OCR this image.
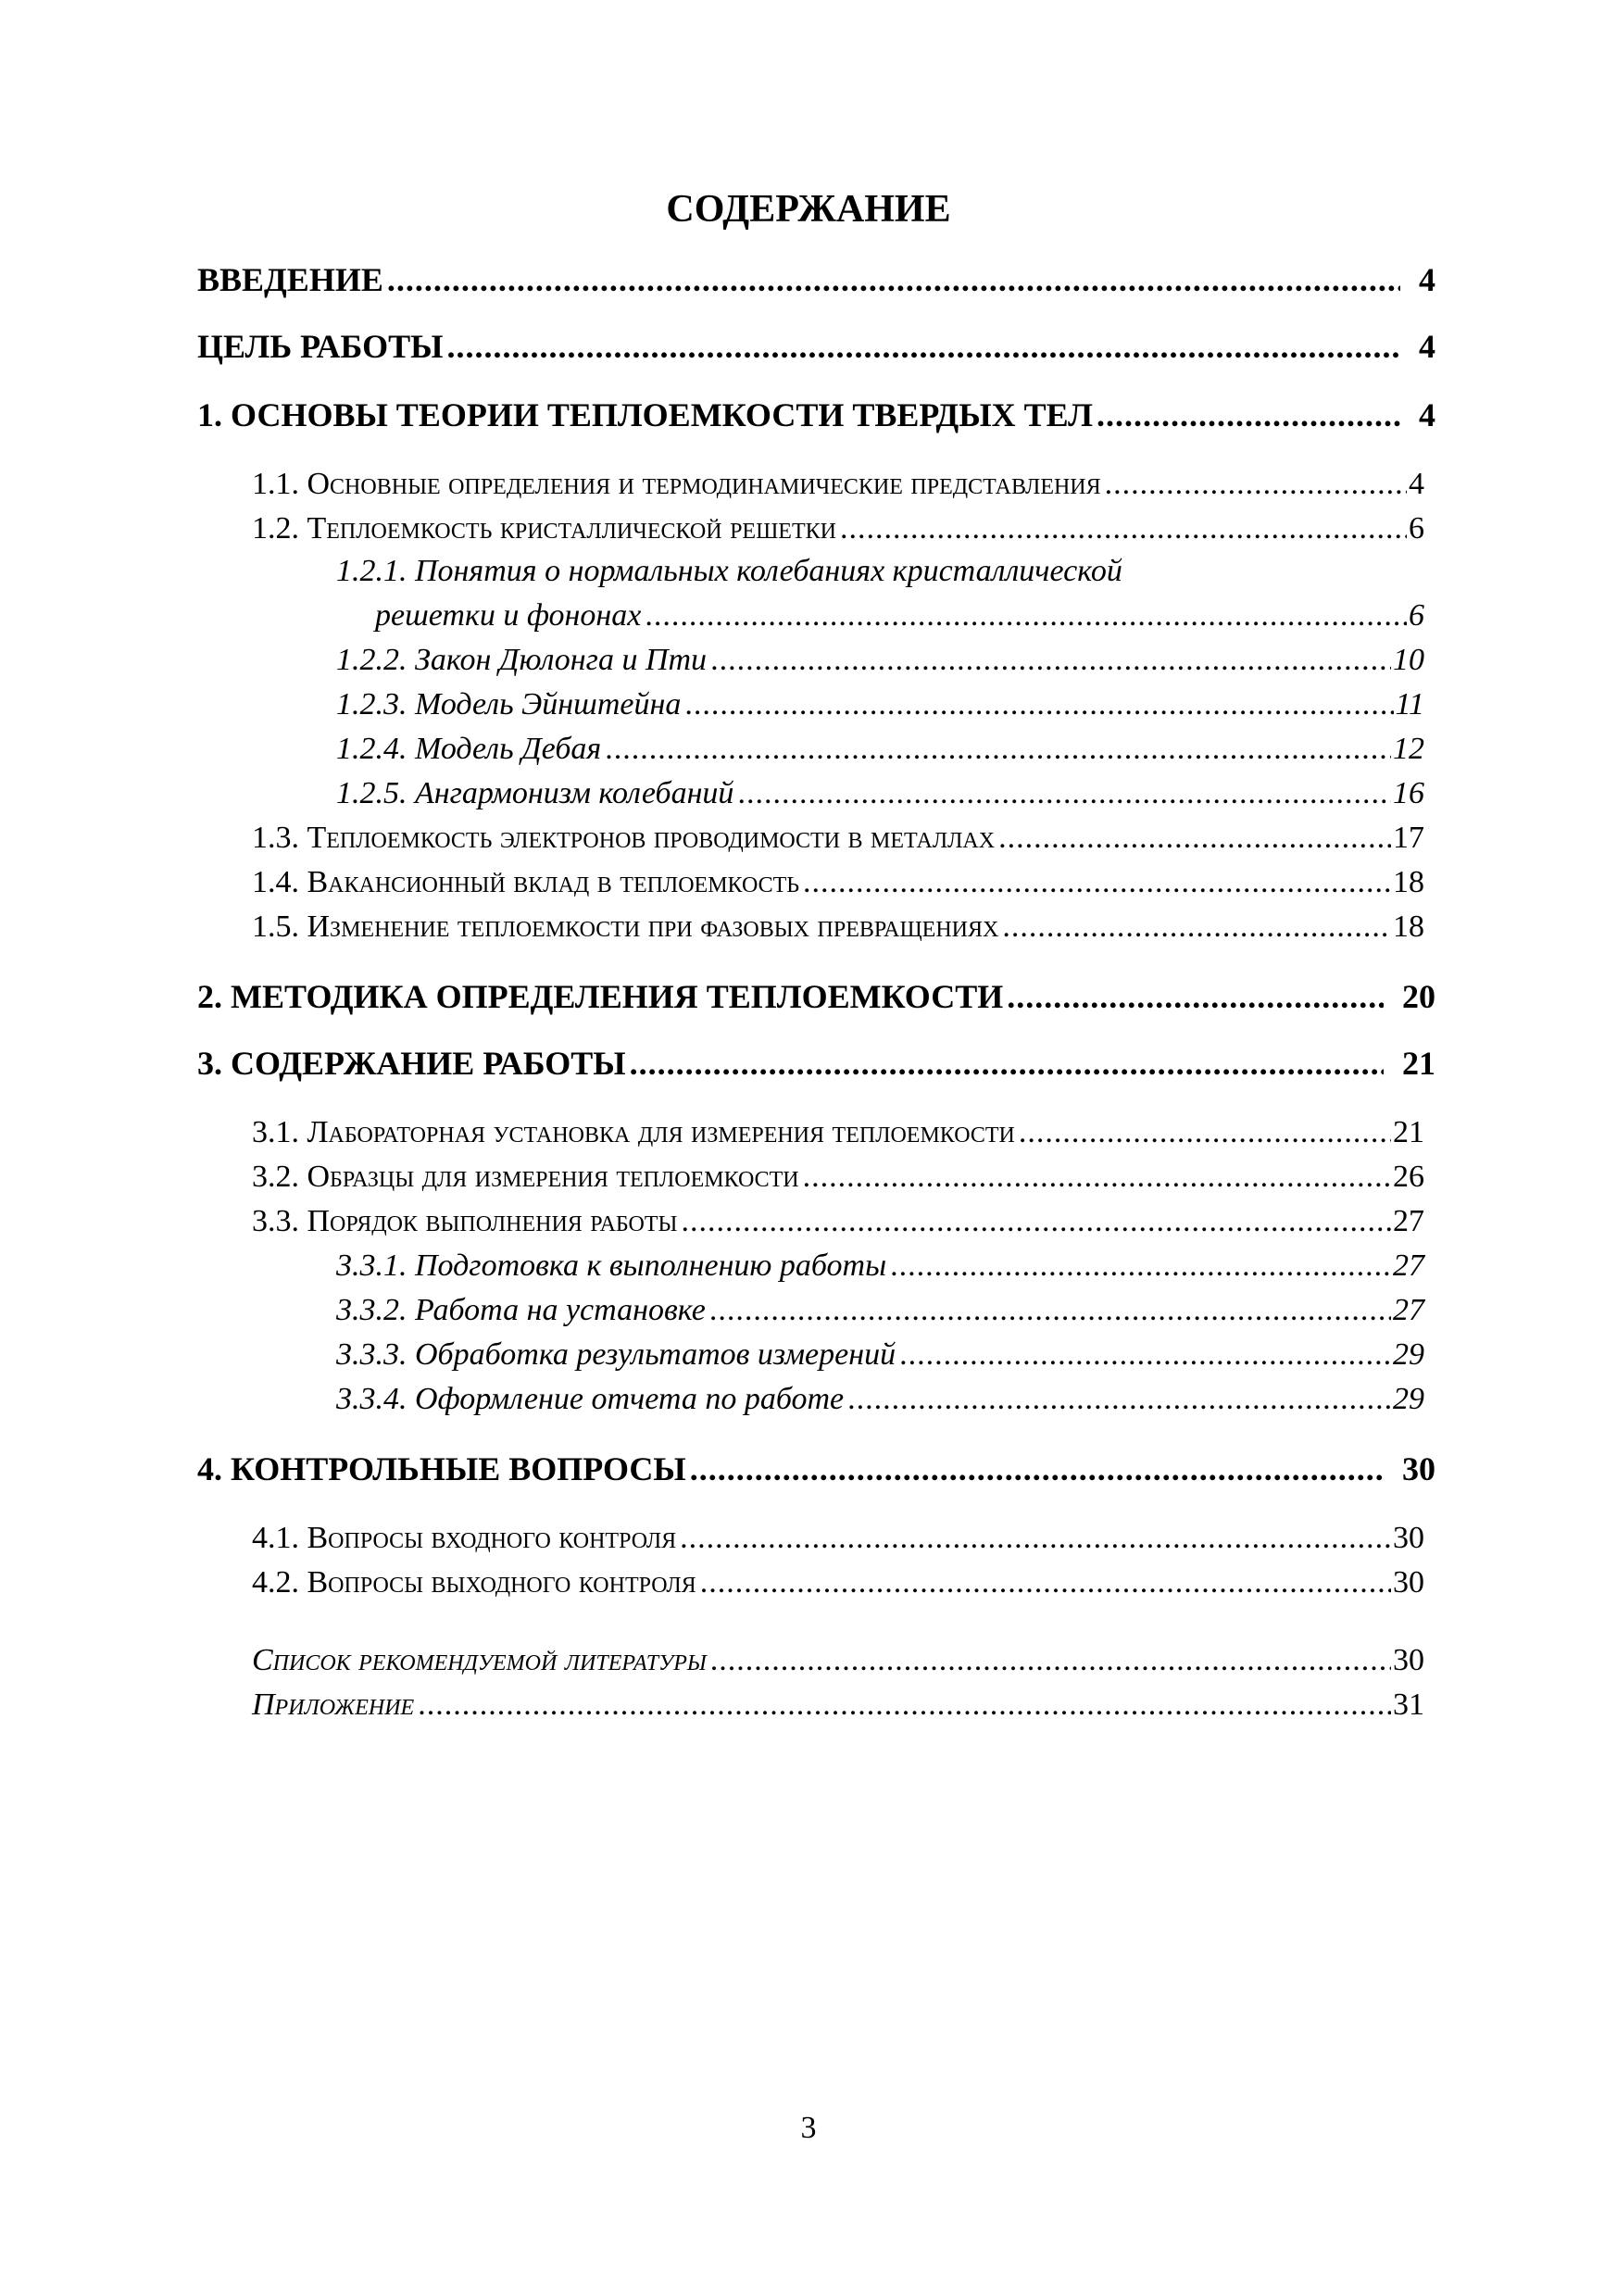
СОДЕРЖАНИЕ
ВВЕДЕНИЕ .....	4
ЦЕЛЬ РАБОТЫ .....	4
1. ОСНОВЫ ТЕОРИИ ТЕПЛОЕМКОСТИ ТВЕРДЫХ ТЕЛ .....	4
1.1. Основные определения и термодинамические представления .....	4
1.2. Теплоемкость кристаллической решетки .....	6
1.2.1. Понятия о нормальных колебаниях кристаллической
решетки и фононах .....	6
1.2.2. Закон Дюлонга и Пти .....	10
1.2.3. Модель Эйнштейна .....	11
1.2.4. Модель Дебая .....	12
1.2.5. Ангармонизм колебаний .....	16
1.3. Теплоемкость электронов проводимости в металлах .....	17
1.4. Вакансионный вклад в теплоемкость .....	18
1.5. Изменение теплоемкости при фазовых превращениях .....	18
2. МЕТОДИКА ОПРЕДЕЛЕНИЯ ТЕПЛОЕМКОСТИ .....	20
3. СОДЕРЖАНИЕ РАБОТЫ .....	21
3.1. Лабораторная установка для измерения теплоемкости .....	21
3.2. Образцы для измерения теплоемкости .....	26
3.3. Порядок выполнения работы .....	27
3.3.1. Подготовка к выполнению работы .....	27
3.3.2. Работа на установке .....	27
3.3.3. Обработка результатов измерений .....	29
3.3.4. Оформление отчета по работе .....	29
4. КОНТРОЛЬНЫЕ ВОПРОСЫ .....	30
4.1. Вопросы входного контроля .....	30
4.2. Вопросы выходного контроля .....	30
Список рекомендуемой литературы .....	30
Приложение .....	31
3
